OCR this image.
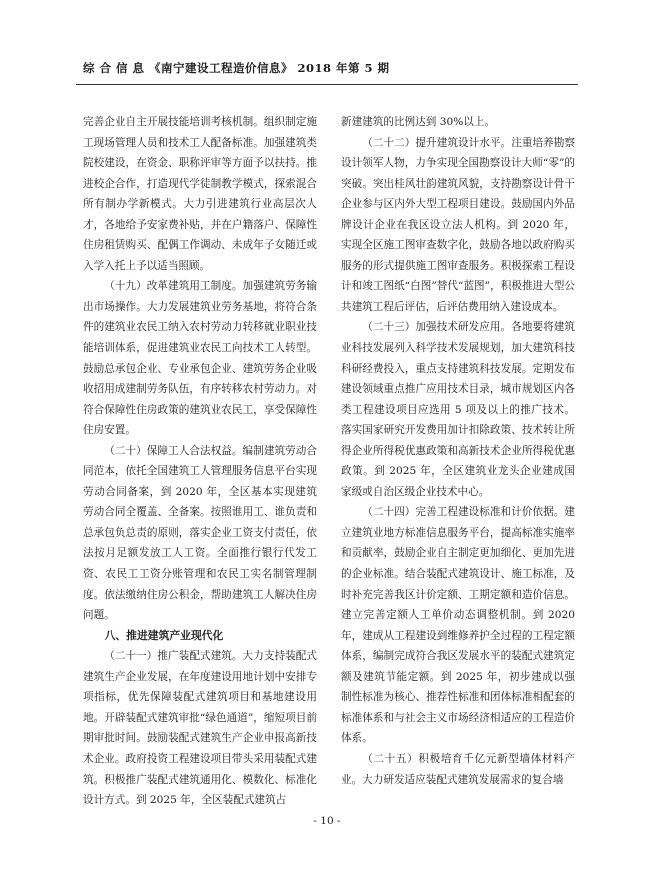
综 合 信 息 《南宁建设工程造价信息》 2018 年第 5 期

完善企业自主开展技能培训考核机制。组织制定施工现场管理人员和技术工人配备标准。加强建筑类院校建设，在资金、职称评审等方面予以扶持。推进校企合作，打造现代学徒制教学模式，探索混合所有制办学新模式。大力引进建筑行业高层次人才，各地给予安家费补贴，并在户籍落户、保障性住房租赁购买、配偶工作调动、未成年子女随迁或入学入托上予以适当照顾。

（十九）改革建筑用工制度。加强建筑劳务输出市场操作。大力发展建筑业劳务基地，将符合条件的建筑业农民工纳入农村劳动力转移就业职业技能培训体系，促进建筑业农民工向技术工人转型。鼓励总承包企业、专业承包企业、建筑劳务企业吸收招用成建制劳务队伍，有序转移农村劳动力。对符合保障性住房政策的建筑业农民工，享受保障性住房安置。

（二十）保障工人合法权益。编制建筑劳动合同范本，依托全国建筑工人管理服务信息平台实现劳动合同备案，到 2020 年，全区基本实现建筑劳动合同全覆盖、全备案。按照谁用工、谁负责和总承包负总责的原则，落实企业工资支付责任，依法按月足额发放工人工资。全面推行银行代发工资、农民工工资分账管理和农民工实名制管理制度。依法缴纳住房公积金，帮助建筑工人解决住房问题。

八、推进建筑产业现代化

（二十一）推广装配式建筑。大力支持装配式建筑生产企业发展，在年度建设用地计划中安排专项指标，优先保障装配式建筑项目和基地建设用地。开辟装配式建筑审批“绿色通道”，缩短项目前期审批时间。鼓励装配式建筑生产企业申报高新技术企业。政府投资工程建设项目带头采用装配式建筑。积极推广装配式建筑通用化、模数化、标准化设计方式。到 2025 年，全区装配式建筑占

新建建筑的比例达到 30%以上。

（二十二）提升建筑设计水平。注重培养勘察设计领军人物，力争实现全国勘察设计大师“零”的突破。突出桂风壮韵建筑风貌，支持勘察设计骨干企业参与区内外大型工程项目建设。鼓励国内外品牌设计企业在我区设立法人机构。到 2020 年，实现全区施工图审查数字化，鼓励各地以政府购买服务的形式提供施工图审查服务。积极探索工程设计和竣工图纸“白图”替代“蓝图”，积极推进大型公共建筑工程后评估，后评估费用纳入建设成本。

（二十三）加强技术研发应用。各地要将建筑业科技发展列入科学技术发展规划，加大建筑科技科研经费投入，重点支持建筑科技发展。定期发布建设领域重点推广应用技术目录，城市规划区内各类工程建设项目应选用 5 项及以上的推广技术。落实国家研究开发费用加计扣除政策、技术转让所得企业所得税优惠政策和高新技术企业所得税优惠政策。到 2025 年，全区建筑业龙头企业建成国家级或自治区级企业技术中心。

（二十四）完善工程建设标准和计价依据。建立建筑业地方标准信息服务平台，提高标准实施率和贡献率，鼓励企业自主制定更加细化、更加先进的企业标准。结合装配式建筑设计、施工标准，及时补充完善我区计价定额、工期定额和造价信息。建立完善定额人工单价动态调整机制。到 2020 年，建成从工程建设到维修养护全过程的工程定额体系，编制完成符合我区发展水平的装配式建筑定额及建筑节能定额。到 2025 年，初步建成以强制性标准为核心、推荐性标准和团体标准相配套的标准体系和与社会主义市场经济相适应的工程造价体系。

（二十五）积极培育千亿元新型墙体材料产业。大力研发适应装配式建筑发展需求的复合墙

- 10 -
